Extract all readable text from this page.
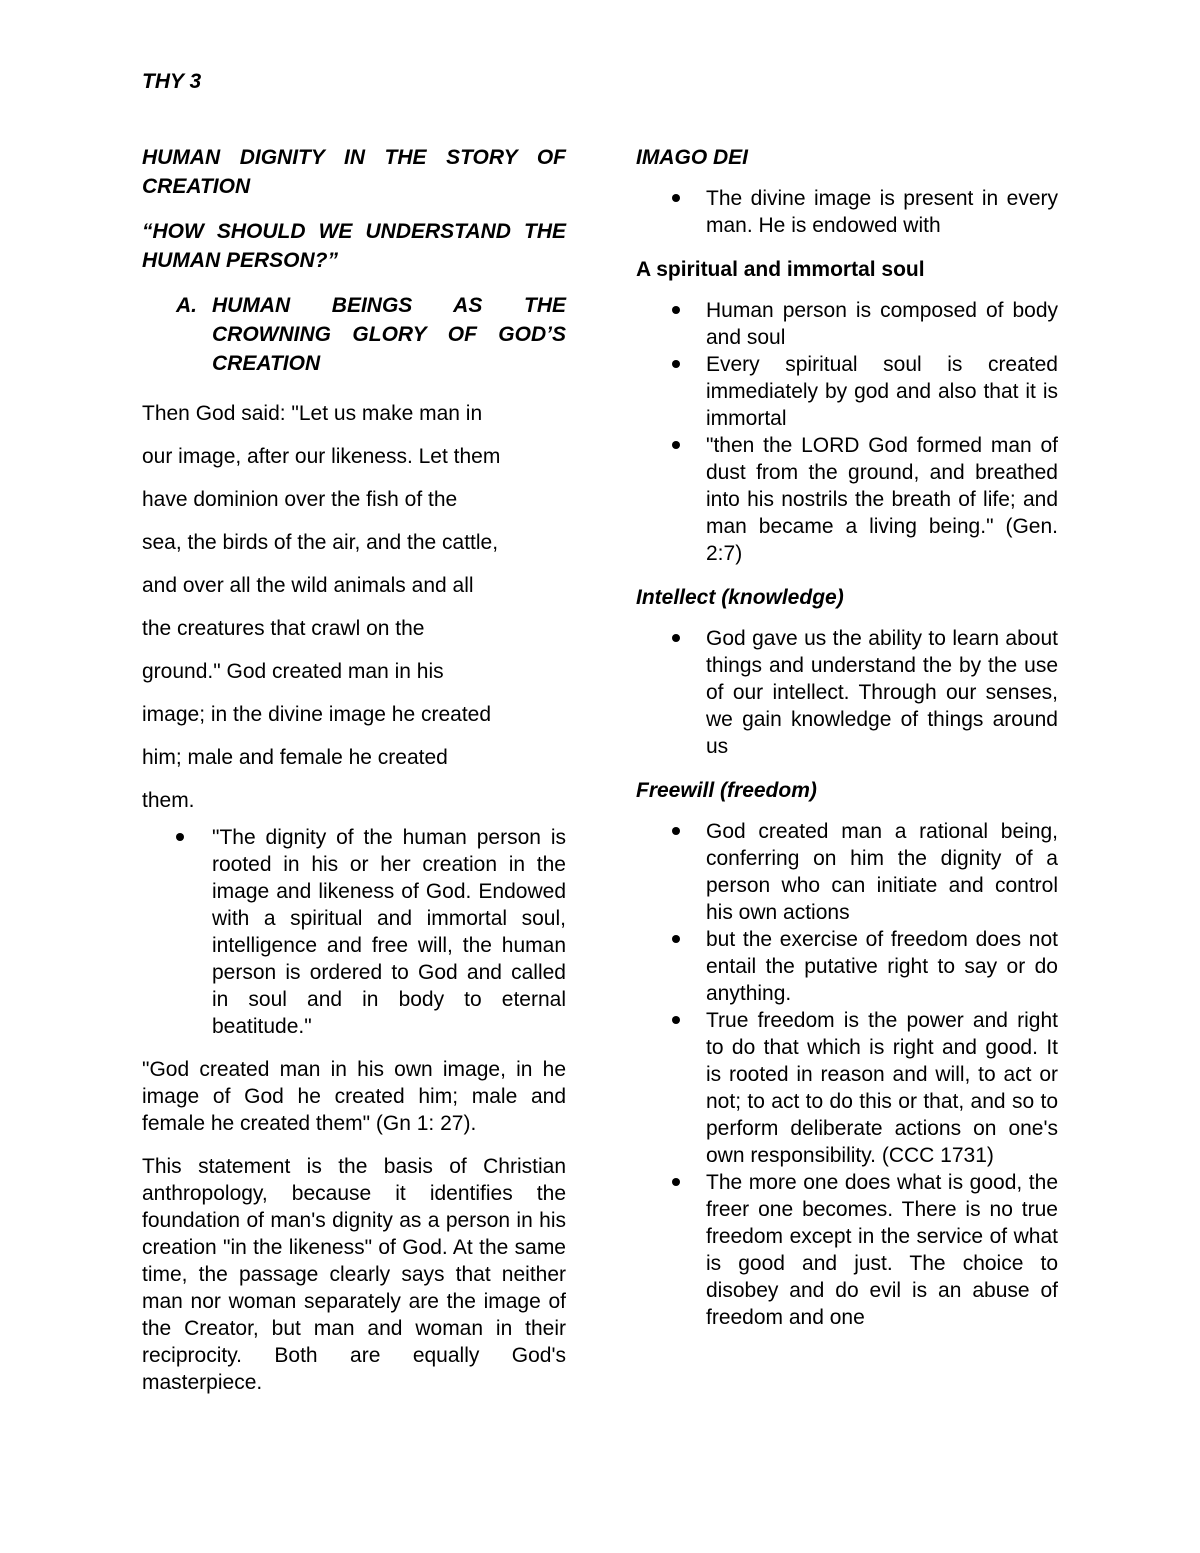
THY 3

HUMAN DIGNITY IN THE STORY OF CREATION
“HOW SHOULD WE UNDERSTAND THE HUMAN PERSON?”
A. HUMAN BEINGS AS THE CROWNING GLORY OF GOD’S CREATION

Then God said: "Let us make man in

our image, after our likeness. Let them

have dominion over the fish of the

sea, the birds of the air, and the cattle,

and over all the wild animals and all

the creatures that crawl on the

ground." God created man in his

image; in the divine image he created

him; male and female he created

them.

"The dignity of the human person is rooted in his or her creation in the image and likeness of God. Endowed with a spiritual and immortal soul, intelligence and free will, the human person is ordered to God and called in soul and in body to eternal beatitude."

"God created man in his own image, in he image of God he created him; male and female he created them" (Gn 1: 27).

This statement is the basis of Christian anthropology, because it identifies the foundation of man's dignity as a person in his creation "in the likeness" of God. At the same time, the passage clearly says that neither man nor woman separately are the image of the Creator, but man and woman in their reciprocity. Both are equally God's masterpiece.

IMAGO DEI
The divine image is present in every man. He is endowed with
A spiritual and immortal soul
Human person is composed of body and soul
Every spiritual soul is created immediately by god and also that it is immortal
"then the LORD God formed man of dust from the ground, and breathed into his nostrils the breath of life; and man became a living being." (Gen. 2:7)
Intellect (knowledge)
God gave us the ability to learn about things and understand the by the use of our intellect. Through our senses, we gain knowledge of things around us
Freewill (freedom)
God created man a rational being, conferring on him the dignity of a person who can initiate and control his own actions
but the exercise of freedom does not entail the putative right to say or do anything.
True freedom is the power and right to do that which is right and good. It is rooted in reason and will, to act or not; to act to do this or that, and so to perform deliberate actions on one's own responsibility. (CCC 1731)
The more one does what is good, the freer one becomes. There is no true freedom except in the service of what is good and just. The choice to disobey and do evil is an abuse of freedom and one
